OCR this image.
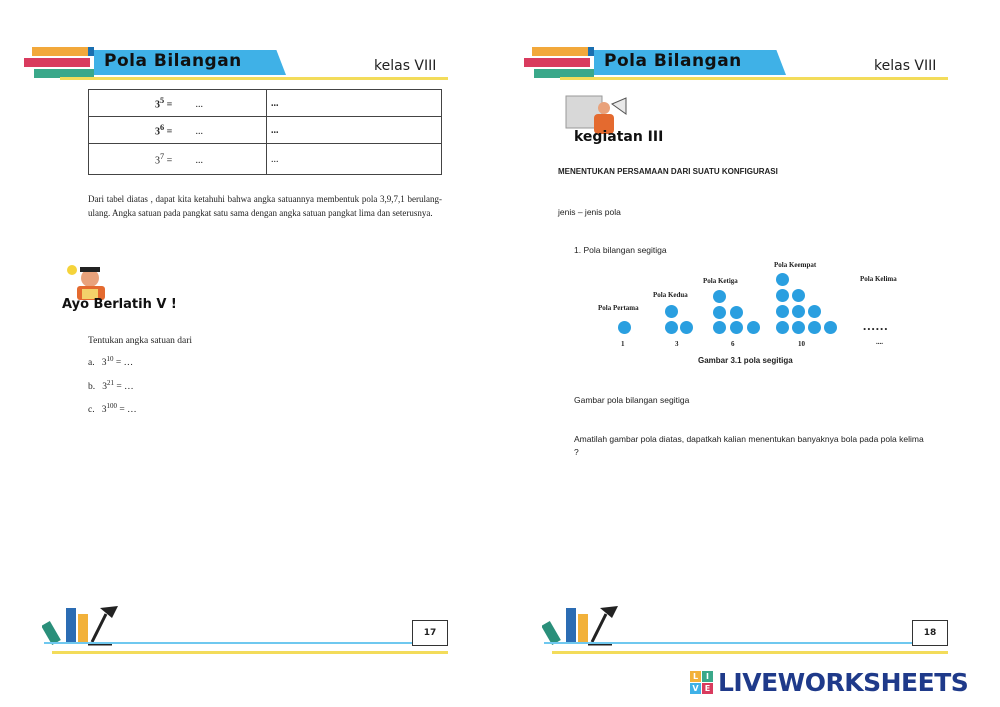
Pola Bilangan	kelas VIII
$3^5$ = ...	...
$3^6$ = ...	...
$3^7$ = ...	...
Dari tabel diatas , dapat kita ketahuhi bahwa angka satuannya membentuk pola 3,9,7,1 berulang-ulang. Angka satuan pada pangkat satu sama dengan angka satuan pangkat lima dan seterusnya.
Ayo Berlatih V !
Tentukan angka satuan dari
a. $3^{10}$ = …
b. $3^{21}$ = …
c. $3^{100}$ = …
17
Pola Bilangan	kelas VIII
kegiatan III
MENENTUKAN PERSAMAAN DARI SUATU KONFIGURASI
jenis – jenis pola
1. Pola bilangan segitiga
Pola Pertama
Pola Kedua
Pola Ketiga
Pola Keempat
Pola Kelima
......
1	3	6	10	....
Gambar 3.1 pola segitiga
Gambar pola bilangan segitiga
Amatilah gambar pola diatas, dapatkah kalian menentukan banyaknya bola pada pola kelima ?
18
L I
V E LIVEWORKSHEETS
